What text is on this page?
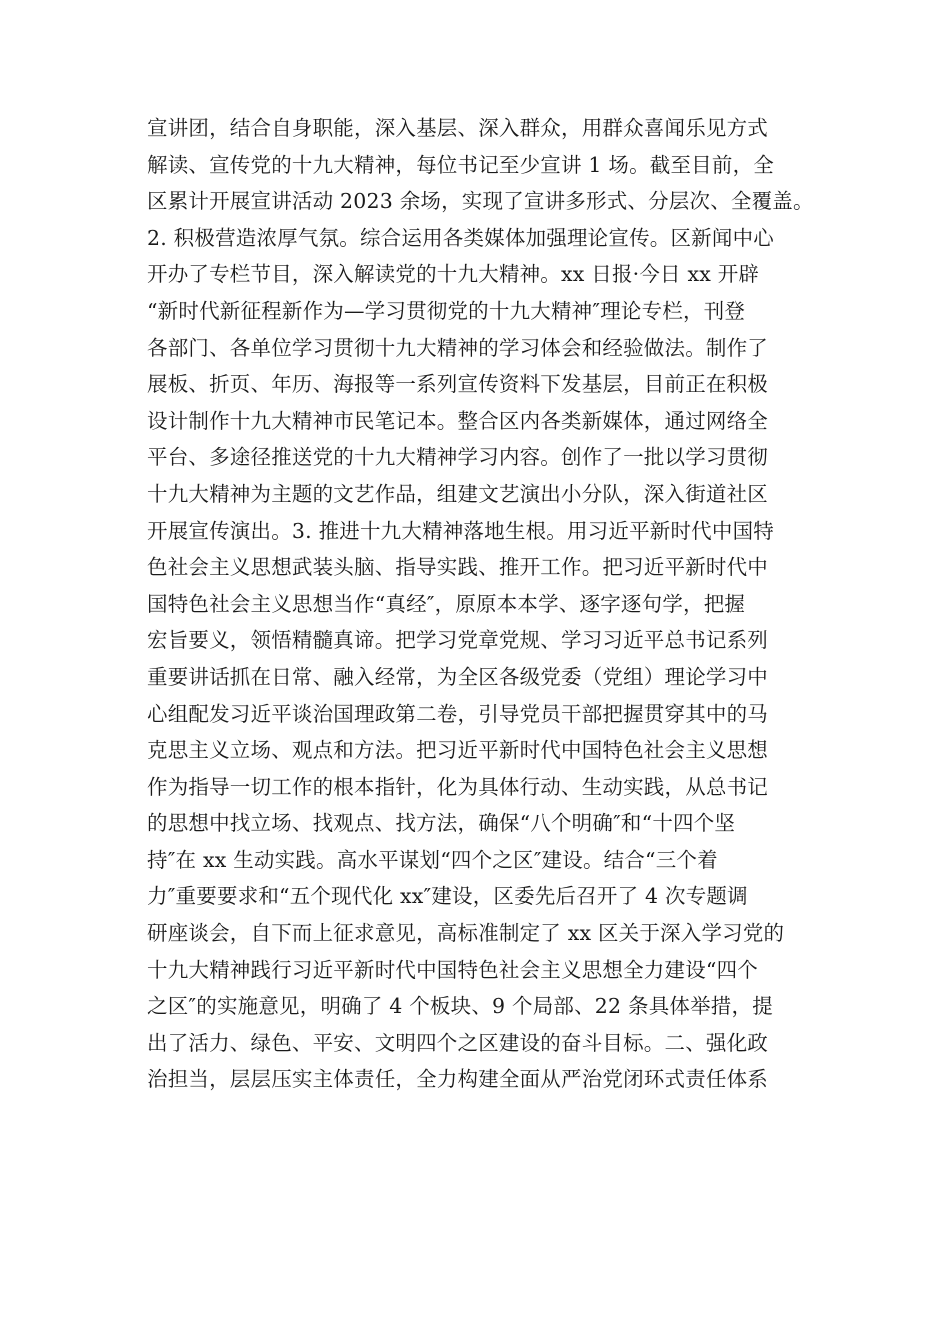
宣讲团，结合自身职能，深入基层、深入群众，用群众喜闻乐见方式
解读、宣传党的十九大精神，每位书记至少宣讲 1 场。截至目前，全
区累计开展宣讲活动 2023 余场，实现了宣讲多形式、分层次、全覆盖。
2. 积极营造浓厚气氛。综合运用各类媒体加强理论宣传。区新闻中心
开办了专栏节目，深入解读党的十九大精神。xx 日报·今日 xx 开辟
“新时代新征程新作为—学习贯彻党的十九大精神″理论专栏，刊登
各部门、各单位学习贯彻十九大精神的学习体会和经验做法。制作了
展板、折页、年历、海报等一系列宣传资料下发基层，目前正在积极
设计制作十九大精神市民笔记本。整合区内各类新媒体，通过网络全
平台、多途径推送党的十九大精神学习内容。创作了一批以学习贯彻
十九大精神为主题的文艺作品，组建文艺演出小分队，深入街道社区
开展宣传演出。3. 推进十九大精神落地生根。用习近平新时代中国特
色社会主义思想武装头脑、指导实践、推开工作。把习近平新时代中
国特色社会主义思想当作“真经″，原原本本学、逐字逐句学，把握
宏旨要义，领悟精髓真谛。把学习党章党规、学习习近平总书记系列
重要讲话抓在日常、融入经常，为全区各级党委（党组）理论学习中
心组配发习近平谈治国理政第二卷，引导党员干部把握贯穿其中的马
克思主义立场、观点和方法。把习近平新时代中国特色社会主义思想
作为指导一切工作的根本指针，化为具体行动、生动实践，从总书记
的思想中找立场、找观点、找方法，确保“八个明确″和“十四个坚
持″在 xx 生动实践。高水平谋划“四个之区″建设。结合“三个着
力″重要要求和“五个现代化 xx″建设，区委先后召开了 4 次专题调
研座谈会，自下而上征求意见，高标准制定了 xx 区关于深入学习党的
十九大精神践行习近平新时代中国特色社会主义思想全力建设“四个
之区″的实施意见，明确了 4 个板块、9 个局部、22 条具体举措，提
出了活力、绿色、平安、文明四个之区建设的奋斗目标。二、强化政
治担当，层层压实主体责任，全力构建全面从严治党闭环式责任体系
